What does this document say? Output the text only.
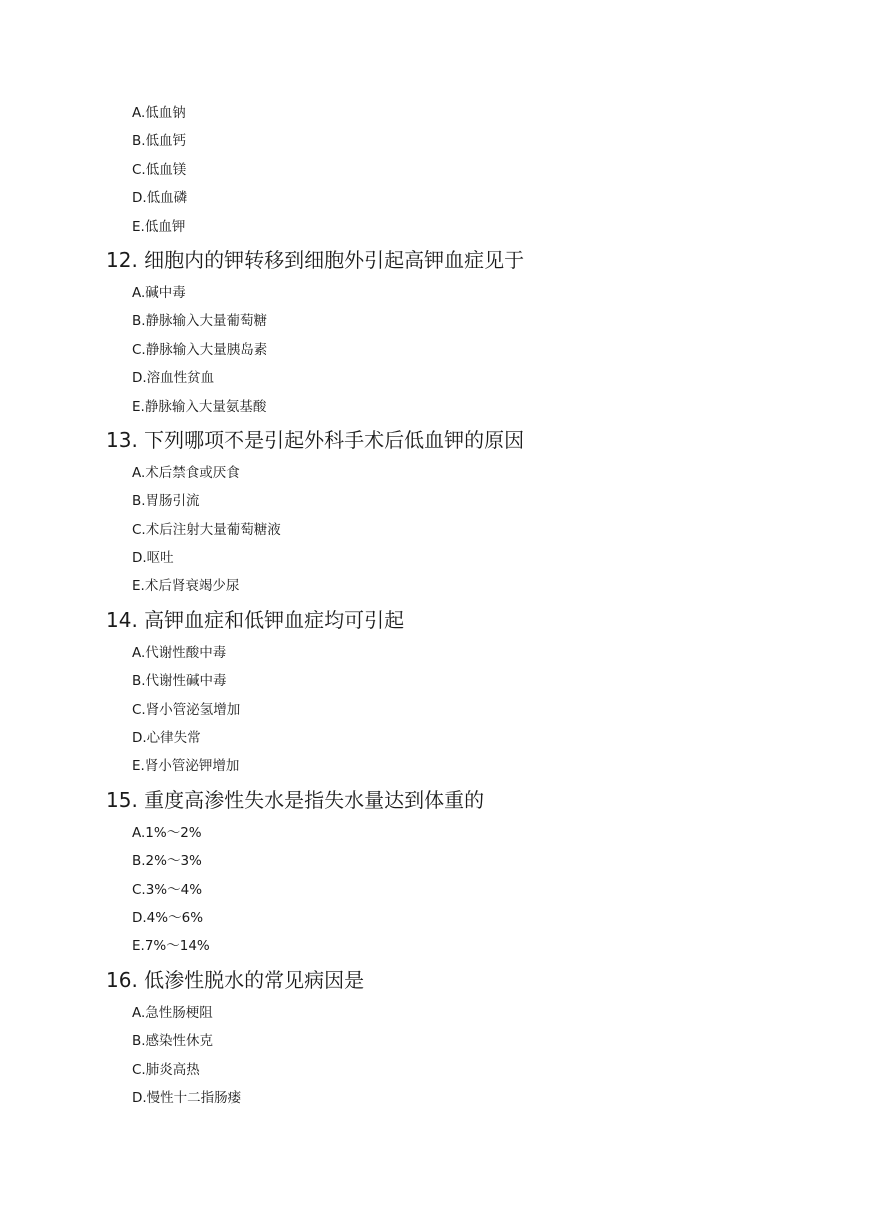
A.低血钠
B.低血钙
C.低血镁
D.低血磷
E.低血钾

12. 细胞内的钾转移到细胞外引起高钾血症见于

A.碱中毒
B.静脉输入大量葡萄糖
C.静脉输入大量胰岛素
D.溶血性贫血
E.静脉输入大量氨基酸

13. 下列哪项不是引起外科手术后低血钾的原因

A.术后禁食或厌食
B.胃肠引流
C.术后注射大量葡萄糖液
D.呕吐
E.术后肾衰竭少尿

14. 高钾血症和低钾血症均可引起

A.代谢性酸中毒
B.代谢性碱中毒
C.肾小管泌氢增加
D.心律失常
E.肾小管泌钾增加

15. 重度高渗性失水是指失水量达到体重的

A.1%～2%
B.2%～3%
C.3%～4%
D.4%～6%
E.7%～14%

16. 低渗性脱水的常见病因是

A.急性肠梗阻
B.感染性休克
C.肺炎高热
D.慢性十二指肠瘘
